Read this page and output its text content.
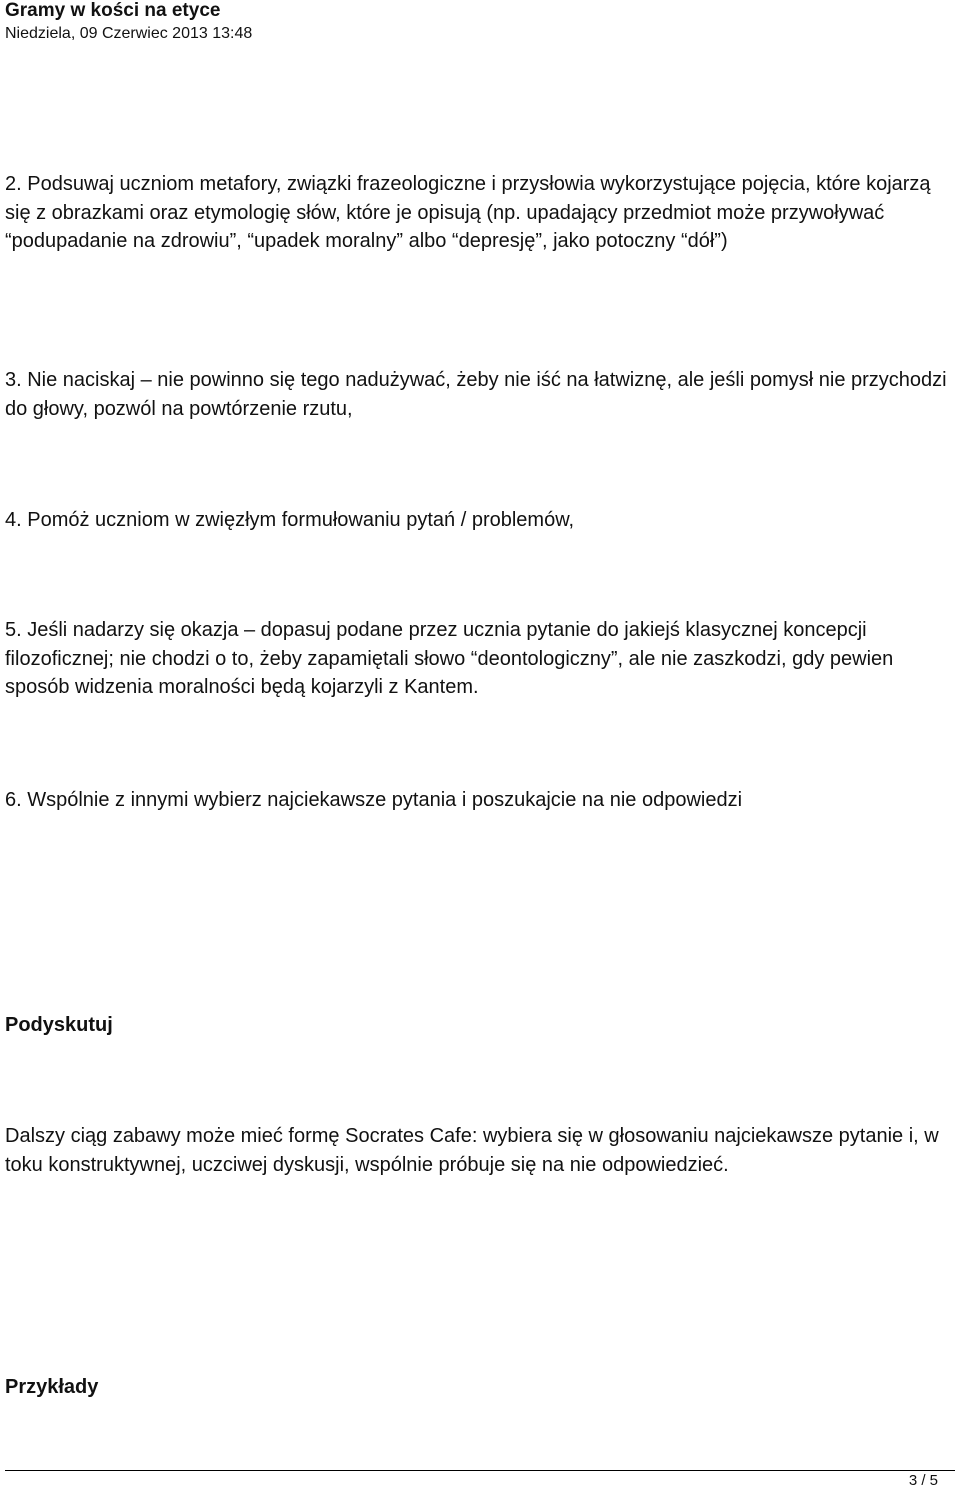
Gramy w kości na etyce
Niedziela, 09 Czerwiec 2013 13:48

2. Podsuwaj uczniom metafory, związki frazeologiczne i przysłowia wykorzystujące pojęcia, które kojarzą się z obrazkami oraz etymologię słów, które je opisują (np. upadający przedmiot może przywoływać “podupadanie na zdrowiu”, “upadek moralny” albo “depresję”, jako potoczny “dół”)

3. Nie naciskaj – nie powinno się tego nadużywać, żeby nie iść na łatwiznę, ale jeśli pomysł nie przychodzi do głowy, pozwól na powtórzenie rzutu,

4. Pomóż uczniom w zwięzłym formułowaniu pytań / problemów,

5. Jeśli nadarzy się okazja – dopasuj podane przez ucznia pytanie do jakiejś klasycznej koncepcji filozoficznej; nie chodzi o to, żeby zapamiętali słowo “deontologiczny”, ale nie zaszkodzi, gdy pewien sposób widzenia moralności będą kojarzyli z Kantem.

6. Wspólnie z innymi wybierz najciekawsze pytania i poszukajcie na nie odpowiedzi

Podyskutuj

Dalszy ciąg zabawy może mieć formę Socrates Cafe: wybiera się w głosowaniu najciekawsze pytanie i, w toku konstruktywnej, uczciwej dyskusji, wspólnie próbuje się na nie odpowiedzieć.

Przykłady
3 / 5
